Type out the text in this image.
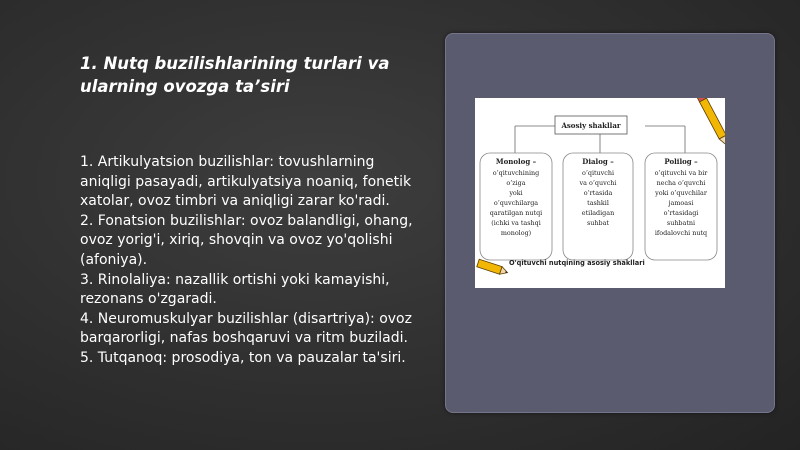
1. Nutq buzilishlarining turlari va ularning ovozga ta’siri

1. Artikulyatsion buzilishlar: tovushlarning aniqligi pasayadi, artikulyatsiya noaniq, fonetik xatolar, ovoz timbri va aniqligi zarar ko'radi.

2. Fonatsion buzilishlar: ovoz balandligi, ohang, ovoz yorig'i, xiriq, shovqin va ovoz yo'qolishi (afoniya).

3. Rinolaliya: nazallik ortishi yoki kamayishi, rezonans o'zgaradi.

4. Neuromuskulyar buzilishlar (disartriya): ovoz barqarorligi, nafas boshqaruvi va ritm buziladi.

5. Tutqanoq: prosodiya, ton va pauzalar ta'siri.

Asosiy shakllar
Monolog –
o’qituvchining
o’ziga
yoki
o’quvchilarga
qaratilgan nutqi
(ichki va tashqi
monolog)
Dialog –
o’qituvchi
va o’quvchi
o’rtasida
tashkil
etiladigan
suhbat
Polilog –
o’qituvchi va bir
necha o’quvchi
yoki o’quvchilar
jamoasi
o’rtasidagi
suhbatni
ifodalovchi nutq
O'qituvchi nutqining asosiy shakllari
